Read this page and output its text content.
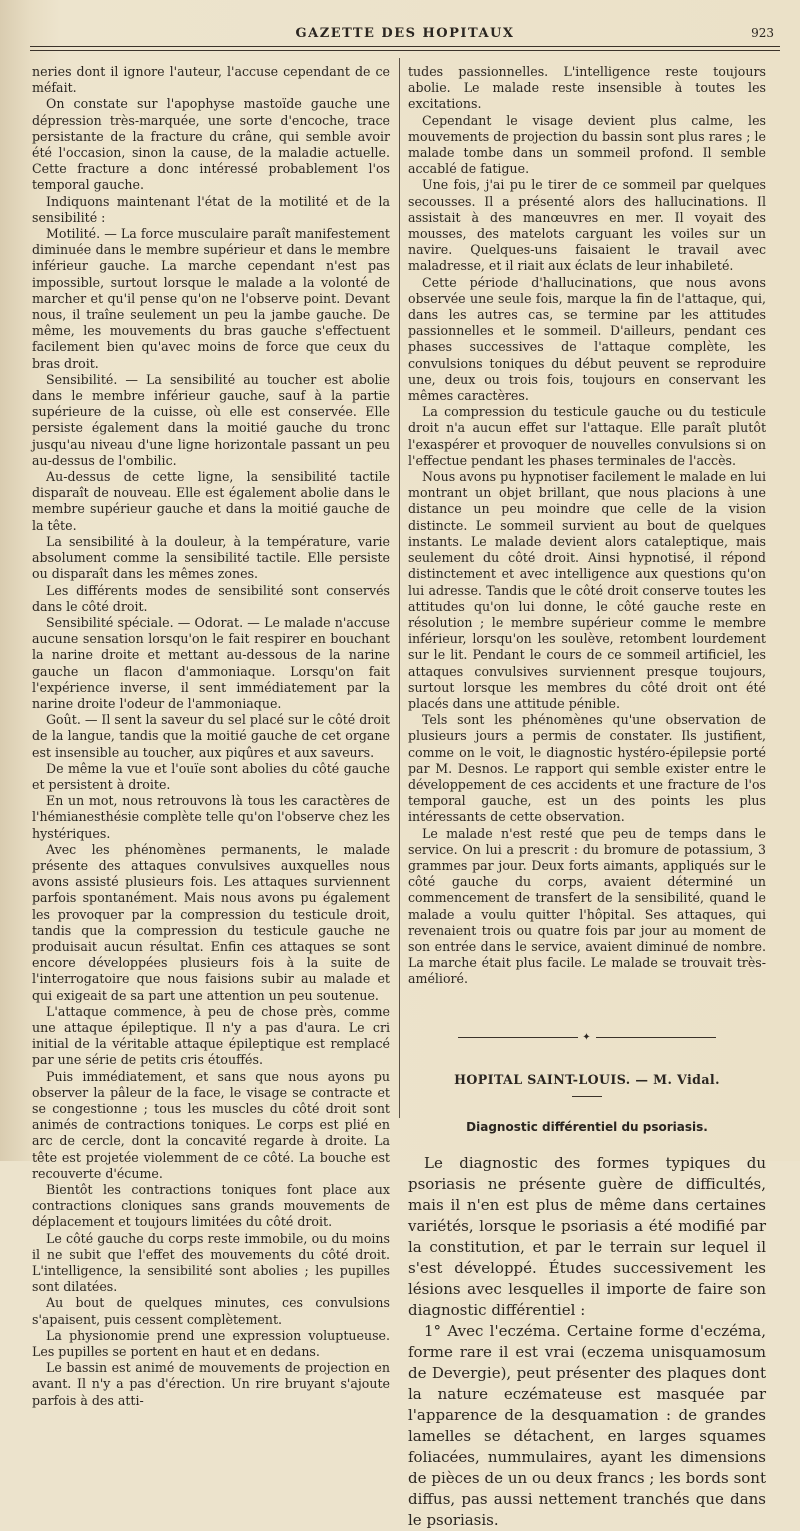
GAZETTE DES HOPITAUX	923

neries dont il ignore l'auteur, l'accuse cependant de ce méfait.

On constate sur l'apophyse mastoïde gauche une dépression très-marquée, une sorte d'encoche, trace persistante de la fracture du crâne, qui semble avoir été l'occasion, sinon la cause, de la maladie actuelle. Cette fracture a donc intéressé probablement l'os temporal gauche.

Indiquons maintenant l'état de la motilité et de la sensibilité :

Motilité. — La force musculaire paraît manifestement diminuée dans le membre supérieur et dans le membre inférieur gauche. La marche cependant n'est pas impossible, surtout lorsque le malade a la volonté de marcher et qu'il pense qu'on ne l'observe point. Devant nous, il traîne seulement un peu la jambe gauche. De même, les mouvements du bras gauche s'effectuent facilement bien qu'avec moins de force que ceux du bras droit.

Sensibilité. — La sensibilité au toucher est abolie dans le membre inférieur gauche, sauf à la partie supérieure de la cuisse, où elle est conservée. Elle persiste également dans la moitié gauche du tronc jusqu'au niveau d'une ligne horizontale passant un peu au-dessus de l'ombilic.

Au-dessus de cette ligne, la sensibilité tactile disparaît de nouveau. Elle est également abolie dans le membre supérieur gauche et dans la moitié gauche de la tête.

La sensibilité à la douleur, à la température, varie absolument comme la sensibilité tactile. Elle persiste ou disparaît dans les mêmes zones.

Les différents modes de sensibilité sont conservés dans le côté droit.

Sensibilité spéciale. — Odorat. — Le malade n'accuse aucune sensation lorsqu'on le fait respirer en bouchant la narine droite et mettant au-dessous de la narine gauche un flacon d'ammoniaque. Lorsqu'on fait l'expérience inverse, il sent immédiatement par la narine droite l'odeur de l'ammoniaque.

Goût. — Il sent la saveur du sel placé sur le côté droit de la langue, tandis que la moitié gauche de cet organe est insensible au toucher, aux piqûres et aux saveurs.

De même la vue et l'ouïe sont abolies du côté gauche et persistent à droite.

En un mot, nous retrouvons là tous les caractères de l'hémianesthésie complète telle qu'on l'observe chez les hystériques.

Avec les phénomènes permanents, le malade présente des attaques convulsives auxquelles nous avons assisté plusieurs fois. Les attaques surviennent parfois spontanément. Mais nous avons pu également les provoquer par la compression du testicule droit, tandis que la compression du testicule gauche ne produisait aucun résultat. Enfin ces attaques se sont encore développées plusieurs fois à la suite de l'interrogatoire que nous faisions subir au malade et qui exigeait de sa part une attention un peu soutenue.

L'attaque commence, à peu de chose près, comme une attaque épileptique. Il n'y a pas d'aura. Le cri initial de la véritable attaque épileptique est remplacé par une série de petits cris étouffés.

Puis immédiatement, et sans que nous ayons pu observer la pâleur de la face, le visage se contracte et se congestionne ; tous les muscles du côté droit sont animés de contractions toniques. Le corps est plié en arc de cercle, dont la concavité regarde à droite. La tête est projetée violemment de ce côté. La bouche est recouverte d'écume.

Bientôt les contractions toniques font place aux contractions cloniques sans grands mouvements de déplacement et toujours limitées du côté droit.

Le côté gauche du corps reste immobile, ou du moins il ne subit que l'effet des mouvements du côté droit. L'intelligence, la sensibilité sont abolies ; les pupilles sont dilatées.

Au bout de quelques minutes, ces convulsions s'apaisent, puis cessent complètement.

La physionomie prend une expression voluptueuse. Les pupilles se portent en haut et en dedans.

Le bassin est animé de mouvements de projection en avant. Il n'y a pas d'érection. Un rire bruyant s'ajoute parfois à des atti-

tudes passionnelles. L'intelligence reste toujours abolie. Le malade reste insensible à toutes les excitations.

Cependant le visage devient plus calme, les mouvements de projection du bassin sont plus rares ; le malade tombe dans un sommeil profond. Il semble accablé de fatigue.

Une fois, j'ai pu le tirer de ce sommeil par quelques secousses. Il a présenté alors des hallucinations. Il assistait à des manœuvres en mer. Il voyait des mousses, des matelots carguant les voiles sur un navire. Quelques-uns faisaient le travail avec maladresse, et il riait aux éclats de leur inhabileté.

Cette période d'hallucinations, que nous avons observée une seule fois, marque la fin de l'attaque, qui, dans les autres cas, se termine par les attitudes passionnelles et le sommeil. D'ailleurs, pendant ces phases successives de l'attaque complète, les convulsions toniques du début peuvent se reproduire une, deux ou trois fois, toujours en conservant les mêmes caractères.

La compression du testicule gauche ou du testicule droit n'a aucun effet sur l'attaque. Elle paraît plutôt l'exaspérer et provoquer de nouvelles convulsions si on l'effectue pendant les phases terminales de l'accès.

Nous avons pu hypnotiser facilement le malade en lui montrant un objet brillant, que nous placions à une distance un peu moindre que celle de la vision distincte. Le sommeil survient au bout de quelques instants. Le malade devient alors cataleptique, mais seulement du côté droit. Ainsi hypnotisé, il répond distinctement et avec intelligence aux questions qu'on lui adresse. Tandis que le côté droit conserve toutes les attitudes qu'on lui donne, le côté gauche reste en résolution ; le membre supérieur comme le membre inférieur, lorsqu'on les soulève, retombent lourdement sur le lit. Pendant le cours de ce sommeil artificiel, les attaques convulsives surviennent presque toujours, surtout lorsque les membres du côté droit ont été placés dans une attitude pénible.

Tels sont les phénomènes qu'une observation de plusieurs jours a permis de constater. Ils justifient, comme on le voit, le diagnostic hystéro-épilepsie porté par M. Desnos. Le rapport qui semble exister entre le développement de ces accidents et une fracture de l'os temporal gauche, est un des points les plus intéressants de cette observation.

Le malade n'est resté que peu de temps dans le service. On lui a prescrit : du bromure de potassium, 3 grammes par jour. Deux forts aimants, appliqués sur le côté gauche du corps, avaient déterminé un commencement de transfert de la sensibilité, quand le malade a voulu quitter l'hôpital. Ses attaques, qui revenaient trois ou quatre fois par jour au moment de son entrée dans le service, avaient diminué de nombre. La marche était plus facile. Le malade se trouvait très-amélioré.

✦
HOPITAL SAINT-LOUIS. — M. Vidal.
Diagnostic différentiel du psoriasis.

Le diagnostic des formes typiques du psoriasis ne présente guère de difficultés, mais il n'en est plus de même dans certaines variétés, lorsque le psoriasis a été modifié par la constitution, et par le terrain sur lequel il s'est développé. Études successivement les lésions avec lesquelles il importe de faire son diagnostic différentiel :

1° Avec l'eczéma. Certaine forme d'eczéma, forme rare il est vrai (eczema unisquamosum de Devergie), peut présenter des plaques dont la nature eczémateuse est masquée par l'apparence de la desquamation : de grandes lamelles se détachent, en larges squames foliacées, nummulaires, ayant les dimensions de pièces de un ou deux francs ; les bords sont diffus, pas aussi nettement tranchés que dans le psoriasis.
